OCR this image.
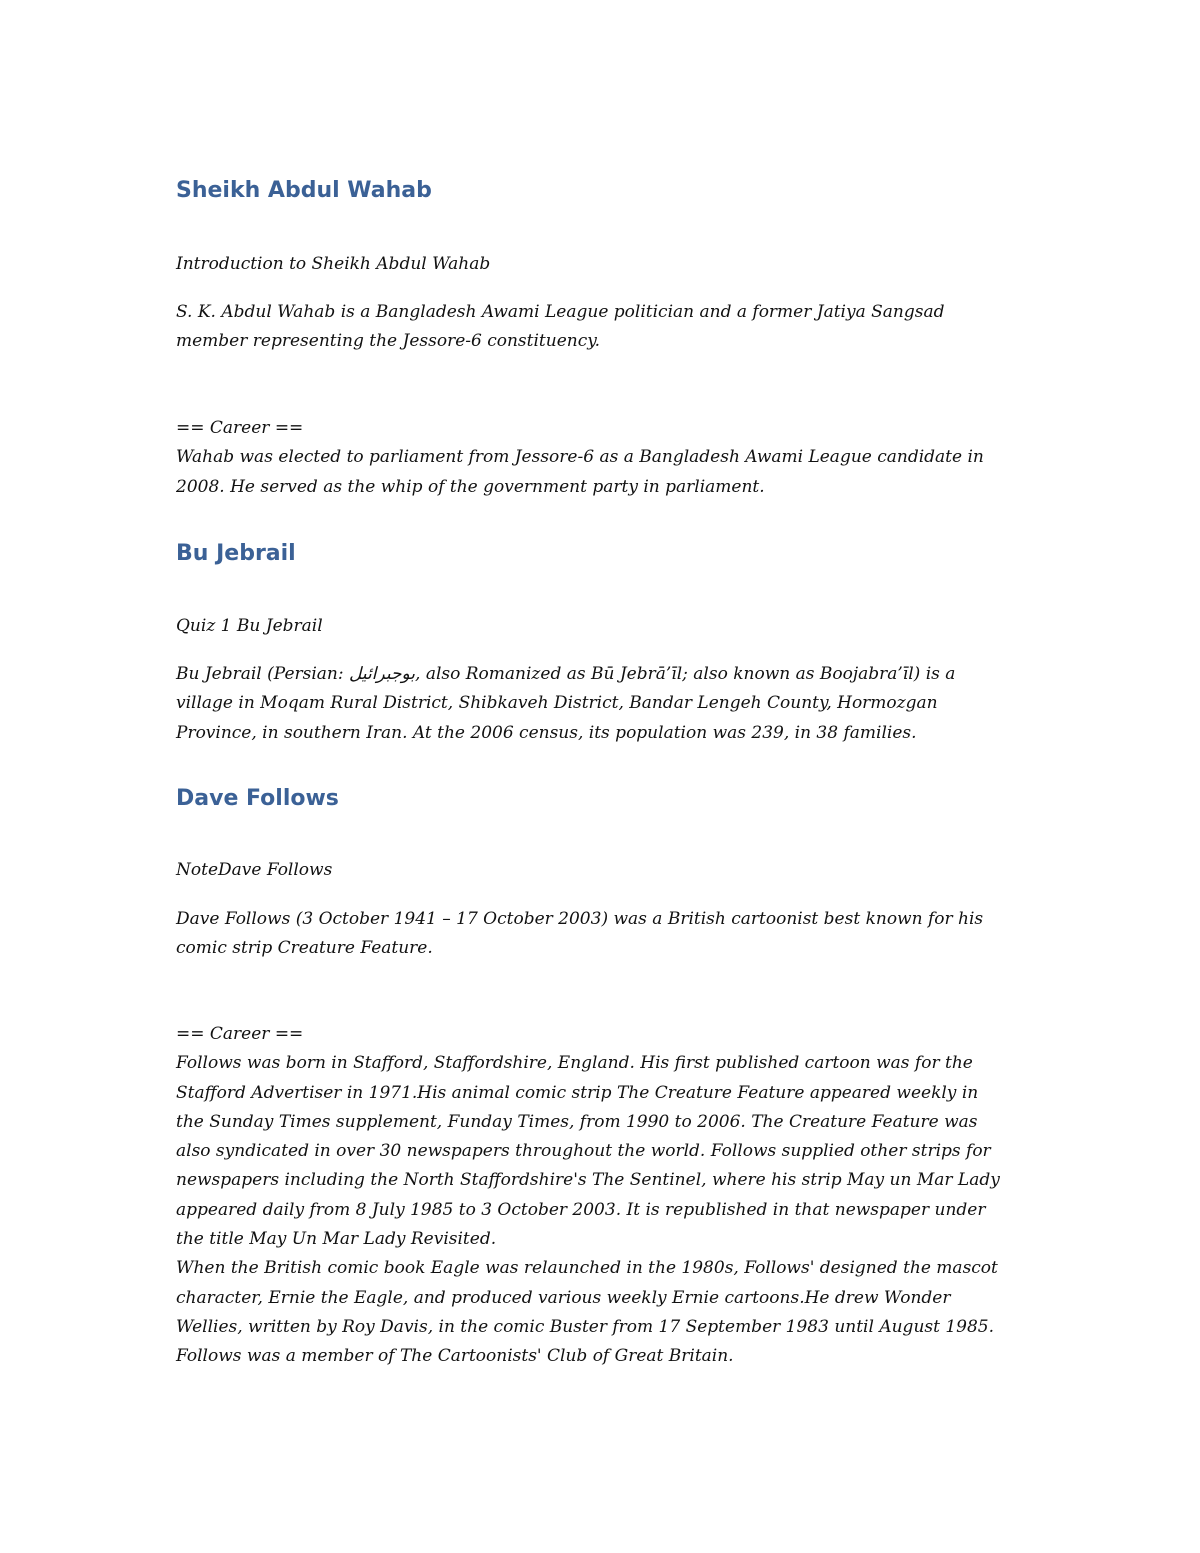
Sheikh Abdul Wahab

Introduction to Sheikh Abdul Wahab

S. K. Abdul Wahab is a Bangladesh Awami League politician and a former Jatiya Sangsad
member representing the Jessore-6 constituency.

== Career ==
Wahab was elected to parliament from Jessore-6 as a Bangladesh Awami League candidate in
2008. He served as the whip of the government party in parliament.

Bu Jebrail

Quiz 1 Bu Jebrail

Bu Jebrail (Persian: بوجبرائيل, also Romanized as Bū Jebrā’īl; also known as Boojabra’īl) is a
village in Moqam Rural District, Shibkaveh District, Bandar Lengeh County, Hormozgan
Province, in southern Iran. At the 2006 census, its population was 239, in 38 families.

Dave Follows

NoteDave Follows

Dave Follows (3 October 1941 – 17 October 2003) was a British cartoonist best known for his
comic strip Creature Feature.

== Career ==
Follows was born in Stafford, Staffordshire, England. His first published cartoon was for the
Stafford Advertiser in 1971.His animal comic strip The Creature Feature appeared weekly in
the Sunday Times supplement, Funday Times, from 1990 to 2006. The Creature Feature was
also syndicated in over 30 newspapers throughout the world. Follows supplied other strips for
newspapers including the North Staffordshire's The Sentinel, where his strip May un Mar Lady
appeared daily from 8 July 1985 to 3 October 2003. It is republished in that newspaper under
the title May Un Mar Lady Revisited.
When the British comic book Eagle was relaunched in the 1980s, Follows' designed the mascot
character, Ernie the Eagle, and produced various weekly Ernie cartoons.He drew Wonder
Wellies, written by Roy Davis, in the comic Buster from 17 September 1983 until August 1985.
Follows was a member of The Cartoonists' Club of Great Britain.
